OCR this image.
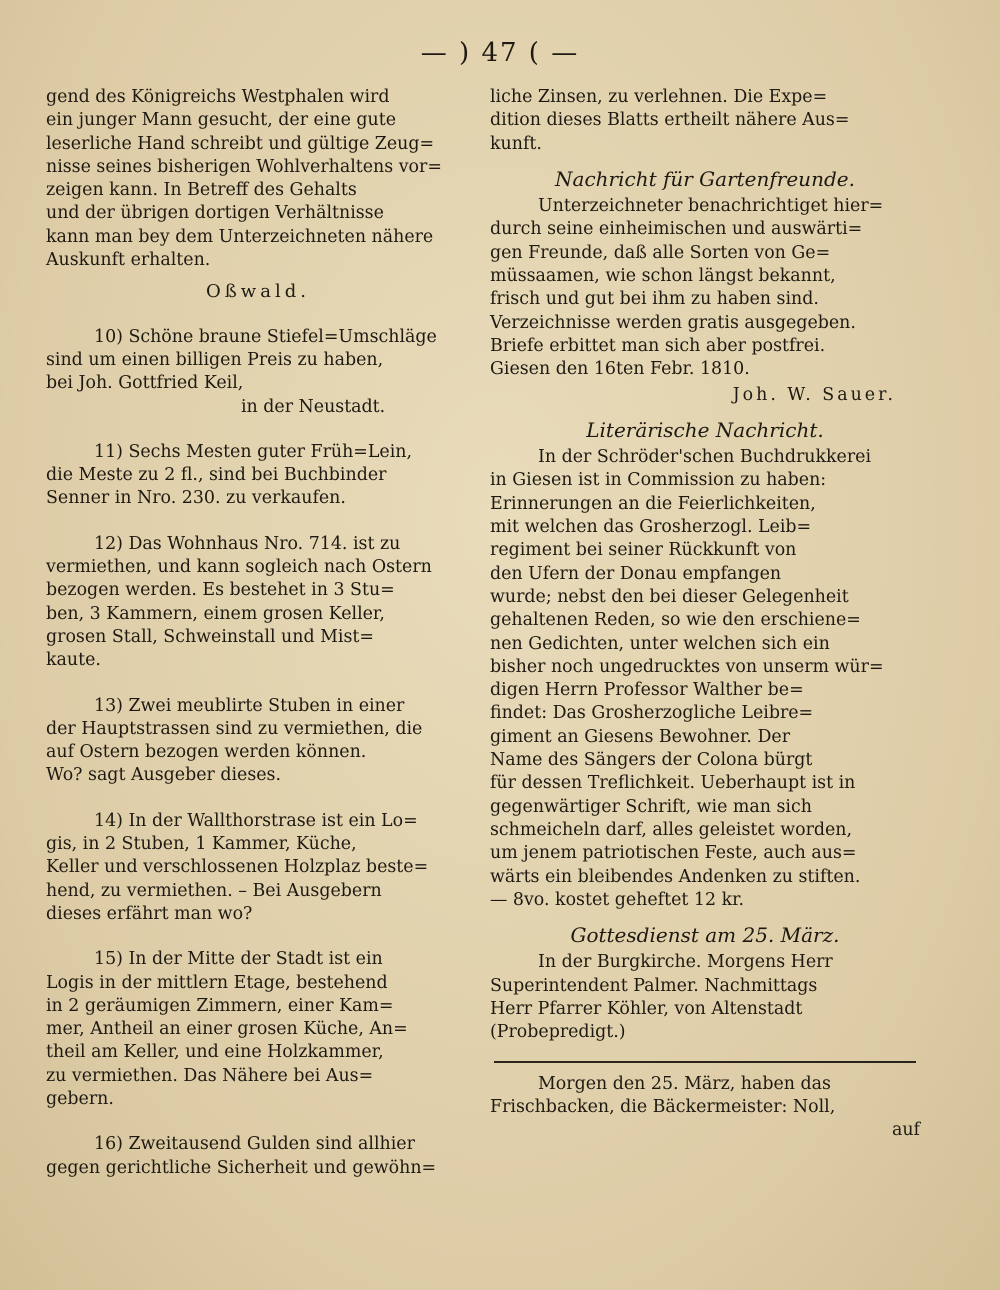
— ) 47 ( —

gend des Königreichs Westphalen wird

ein junger Mann gesucht, der eine gute

leserliche Hand schreibt und gültige Zeug=

nisse seines bisherigen Wohlverhaltens vor=

zeigen kann. In Betreff des Gehalts

und der übrigen dortigen Verhältnisse

kann man bey dem Unterzeichneten nähere

Auskunft erhalten.

Oßwald.

10) Schöne braune Stiefel=Umschläge

sind um einen billigen Preis zu haben,

bei Joh. Gottfried Keil,

in der Neustadt.

11) Sechs Mesten guter Früh=Lein,

die Meste zu 2 fl., sind bei Buchbinder

Senner in Nro. 230. zu verkaufen.

12) Das Wohnhaus Nro. 714. ist zu

vermiethen, und kann sogleich nach Ostern

bezogen werden. Es bestehet in 3 Stu=

ben, 3 Kammern, einem grosen Keller,

grosen Stall, Schweinstall und Mist=

kaute.

13) Zwei meublirte Stuben in einer

der Hauptstrassen sind zu vermiethen, die

auf Ostern bezogen werden können.

Wo? sagt Ausgeber dieses.

14) In der Wallthorstrase ist ein Lo=

gis, in 2 Stuben, 1 Kammer, Küche,

Keller und verschlossenen Holzplaz beste=

hend, zu vermiethen. – Bei Ausgebern

dieses erfährt man wo?

15) In der Mitte der Stadt ist ein

Logis in der mittlern Etage, bestehend

in 2 geräumigen Zimmern, einer Kam=

mer, Antheil an einer grosen Küche, An=

theil am Keller, und eine Holzkammer,

zu vermiethen. Das Nähere bei Aus=

gebern.

16) Zweitausend Gulden sind allhier

gegen gerichtliche Sicherheit und gewöhn=

liche Zinsen, zu verlehnen. Die Expe=

dition dieses Blatts ertheilt nähere Aus=

kunft.

Nachricht für Gartenfreunde.

Unterzeichneter benachrichtiget hier=

durch seine einheimischen und auswärti=

gen Freunde, daß alle Sorten von Ge=

müssaamen, wie schon längst bekannt,

frisch und gut bei ihm zu haben sind.

Verzeichnisse werden gratis ausgegeben.

Briefe erbittet man sich aber postfrei.

Giesen den 16ten Febr. 1810.

Joh. W. Sauer.

Literärische Nachricht.

In der Schröder'schen Buchdrukkerei

in Giesen ist in Commission zu haben:

Erinnerungen an die Feierlichkeiten,

mit welchen das Grosherzogl. Leib=

regiment bei seiner Rückkunft von

den Ufern der Donau empfangen

wurde; nebst den bei dieser Gelegenheit

gehaltenen Reden, so wie den erschiene=

nen Gedichten, unter welchen sich ein

bisher noch ungedrucktes von unserm wür=

digen Herrn Professor Walther be=

findet: Das Grosherzogliche Leibre=

giment an Giesens Bewohner. Der

Name des Sängers der Colona bürgt

für dessen Treflichkeit. Ueberhaupt ist in

gegenwärtiger Schrift, wie man sich

schmeicheln darf, alles geleistet worden,

um jenem patriotischen Feste, auch aus=

wärts ein bleibendes Andenken zu stiften.

— 8vo. kostet geheftet 12 kr.

Gottesdienst am 25. März.

In der Burgkirche. Morgens Herr

Superintendent Palmer. Nachmittags

Herr Pfarrer Köhler, von Altenstadt

(Probepredigt.)

Morgen den 25. März, haben das

Frischbacken, die Bäckermeister: Noll,

auf
